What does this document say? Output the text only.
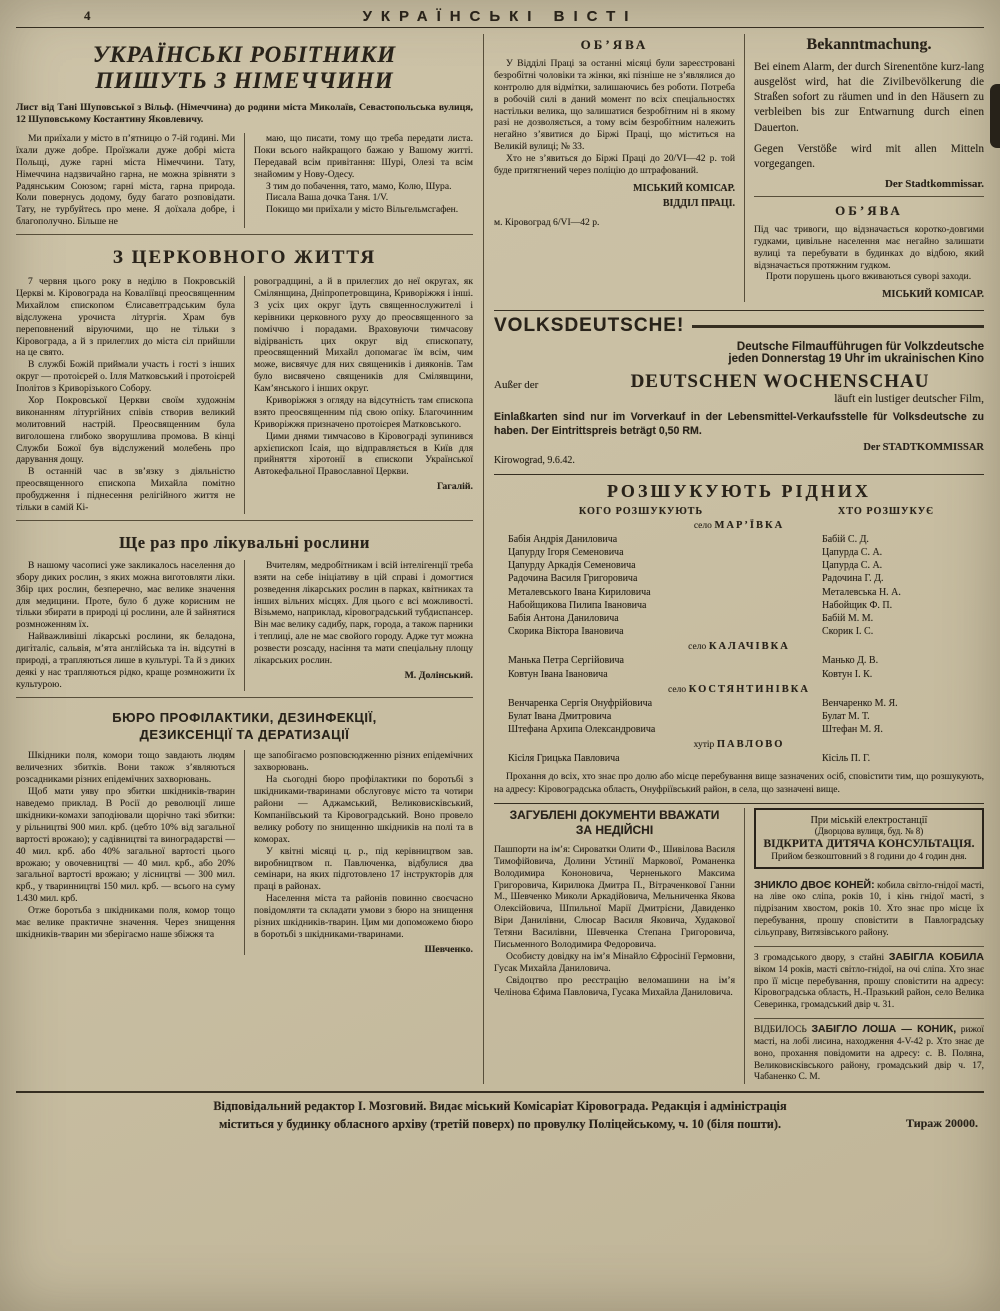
4	УКРАЇНСЬКІ ВІСТІ
УКРАЇНСЬКІ РОБІТНИКИ
ПИШУТЬ З НІМЕЧЧИНИ

Лист від Тані Шуповської з Вільф. (Німеччина) до родини міста Миколаїв, Севастопольська вулиця, 12 Шуповському Костантину Яковлевичу.

Ми приїхали у місто в п’ятницю о 7-ій годині. Ми їхали дуже добре. Проїзжали дуже добрі міста Польщі, дуже гарні міста Німеччини. Тату, Німеччина надзвичайно гарна, не можна зрівняти з Радянським Союзом; гарні міста, гарна природа. Коли повернусь додому, буду багато розповідати. Тату, не турбуйтесь про мене. Я доїхала добре, і благополучно. Більше не

маю, що писати, тому що треба передати листа. Поки всього найкращого бажаю у Вашому житті. Передавай всім привітання: Шурі, Олезі та всім знайомим у Нову-Одесу.

З тим до побачення, тато, мамо, Колю, Шура.

Писала Ваша дочка Таня. 1/V.

Покищо ми приїхали у місто Вільгельмсгафен.

З ЦЕРКОВНОГО ЖИТТЯ

7 червня цього року в неділю в Покровській Церкві м. Кіровограда на Коваліївці преосвященним Михайлом єпископом Єлисаветградським була відслужена урочиста літургія. Храм був переповнений віруючими, що не тільки з Кіровограда, а й з прилеглих до міста сіл прийшли на це свято.

В службі Божій приймали участь і гості з інших округ — протоієрей о. Ілля Матковський і протоієрей Іполітов з Криворізького Собору.

Хор Покровської Церкви своїм художнім виконанням літургійних співів створив великий молитовний настрій. Преосвященним була виголошена глибоко зворушлива промова. В кінці Служби Божої був відслужений молебень про дарування дощу.

В останній час в зв’язку з діяльністю преосвященного єпископа Михайла помітно пробудження і піднесення релігійного життя не тільки в самій Кі-

ровоградщині, а й в прилеглих до неї округах, як Смілянщина, Дніпропетровщина, Криворіжжя і інші. З усіх цих округ їдуть священнослужителі і керівники церковного руху до преосвященного за поміччю і порадами. Враховуючи тимчасову відірваність цих округ від єпископату, преосвященний Михайл допомагає їм всім, чим може, висвячує для них священиків і дияконів. Там було висвячено священиків для Смілявщини, Кам’янського і інших округ.

Криворіжжя з огляду на відсутність там єпископа взято преосвященним під свою опіку. Благочинним Криворіжжя призначено протоієрея Матковського.

Цими днями тимчасово в Кіровограді зупинився архієпископ Ісаія, що відправляється в Київ для прийняття хіротонії в єпископи Української Автокефальної Православної Церкви.

Гагалій.
Ще раз про лікувальні рослини

В нашому часописі уже закликалось населення до збору диких рослин, з яких можна виготовляти ліки. Збір цих рослин, безперечно, має велике значення для медицини. Проте, було б дуже корисним не тільки збирати в природі ці рослини, але й зайнятися розмноженням їх.

Найважливіші лікарські рослини, як беладона, дигіталіс, сальвія, м’ята англійська та ін. відсутні в природі, а трапляються лише в культурі. Та й з диких деякі у нас трапляються рідко, краще розмножити їх культурою.

Вчителям, медробітникам і всій інтелігенції треба взяти на себе ініціативу в цій справі і домогтися розведення лікарських рослин в парках, квітниках та інших вільних місцях. Для цього є всі можливості. Візьмемо, наприклад, кіровоградський тубдиспансер. Він має велику садибу, парк, города, а також парники і теплиці, але не має свойого городу. Адже тут можна розвести розсаду, насіння та мати спеціальну площу лікарських рослин.

М. Долінський.
БЮРО ПРОФІЛАКТИКИ, ДЕЗИНФЕКЦІЇ,
ДЕЗИКСЕНЦІЇ ТА ДЕРАТИЗАЦІЇ

Шкідники поля, комори тощо завдають людям величезних збитків. Вони також з’являються розсадниками різних епідемічних захворювань.

Щоб мати уяву про збитки шкідників-тварин наведемо приклад. В Росії до революції лише шкідники-комахи заподіювали щорічно такі збитки: у рільництві 900 мил. крб. (цебто 10% від загальної вартості врожаю); у садівництві та виноградарстві — 40 мил. крб. або 40% загальної вартості цього врожаю; у овочевництві — 40 мил. крб., або 20% загальної вартості врожаю; у лісництві — 300 мил. крб., у тваринництві 150 мил. крб. — всього на суму 1.430 мил. крб.

Отже боротьба з шкідниками поля, комор тощо має велике практичне значення. Через знищення шкідників-тварин ми зберігаємо наше збіжжя та

ще запобігаємо розповсюдженню різних епідемічних захворювань.

На сьогодні бюро профілактики по боротьбі з шкідниками-тваринами обслуговує місто та чотири райони — Аджамський, Великовисківський, Компаніївський та Кіровоградський. Воно провело велику роботу по знищенню шкідників на полі та в коморах.

У квітні місяці ц. р., під керівництвом зав. виробництвом п. Павлюченка, відбулися два семінари, на яких підготовлено 17 інструкторів для праці в районах.

Населення міста та районів повинно своєчасно повідомляти та складати умови з бюро на знищення різних шкідників-тварин. Цим ми допоможемо бюро в боротьбі з шкідниками-тваринами.

Шевченко.
ОБ’ЯВА

У Відділі Праці за останні місяці були зареєстровані безробітні чоловіки та жінки, які пізніше не з’являлися до контролю для відмітки, залишаючись без роботи. Потреба в робочій силі в даний момент по всіх спеціальностях настільки велика, що залишатися безробітним ні в якому разі не дозволяється, а тому всім безробітним належить негайно з’явитися до Біржі Праці, що міститься на Великій вулиці; № 33.

Хто не з’явиться до Біржі Праці до 20/VI—42 р. той буде притягнений через поліцію до штрафований.

МІСЬКИЙ КОМІСАР.
ВІДДІЛ ПРАЦІ.
м. Кіровоград 6/VI—42 р.
Bekanntmachung.

Bei einem Alarm, der durch Sirenentöne kurz-lang ausgelöst wird, hat die Zivilbevölkerung die Straßen sofort zu räumen und in den Häusern zu verbleiben bis zur Entwarnung durch einen Dauerton.

Gegen Verstöße wird mit allen Mitteln vorgegangen.

Der Stadtkommissar.
ОБ’ЯВА

Під час тривоги, що відзначається коротко-довгими гудками, цивільне населення має негайно залишати вулиці та перебувати в будинках до відбою, який відзначається протяжним гудком.

Проти порушень цього вживаються суворі заходи.

МІСЬКИЙ КОМІСАР.
VOLKSDEUTSCHE!
Deutsche Filmaufführugen für Volkzdeutsche
jeden Donnerstag 19 Uhr im ukrainischen Kino
Außer der	DEUTSCHEN WOCHENSCHAU
läuft ein lustiger deutscher Film,

Einlaßkarten sind nur im Vorverkauf in der Lebensmittel-Verkaufsstelle für Volksdeutsche zu haben. Der Eintrittspreis beträgt 0,50 RM.

Der STADTKOMMISSAR
Kirowograd, 9.6.42.
РОЗШУКУЮТЬ РІДНИХ
КОГО РОЗШУКУЮТЬ	ХТО РОЗШУКУЄ
село МАР’ЇВКА
Бабія Андрія Даниловича	Бабій С. Д.
Цапурду Ігоря Семеновича	Цапурда С. А.
Цапурду Аркадія Семеновича	Цапурда С. А.
Радочина Василя Григоровича	Радочина Г. Д.
Металевського Івана Кириловича	Металевська Н. А.
Набойщикова Пилипа Івановича	Набойщик Ф. П.
Бабія Антона Даниловича	Бабій М. М.
Скорика Віктора Івановича	Скорик І. С.
село КАЛАЧІВКА
Манька Петра Сергійовича	Манько Д. В.
Ковтун Івана Івановича	Ковтун І. К.
село КОСТЯНТИНІВКА
Венчаренка Сергія Онуфрійовича	Венчаренко М. Я.
Булат Івана Дмитровича	Булат М. Т.
Штефана Архипа Олександровича	Штефан М. Я.
хутір ПАВЛОВО
Кісіля Грицька Павловича	Кісіль П. Г.

Прохання до всіх, хто знає про долю або місце перебування вище зазначених осіб, сповістити тим, що розшукують, на адресу: Кіровоградська область, Онуфріївський район, в села, що зазначені вище.

ЗАГУБЛЕНІ ДОКУМЕНТИ ВВАЖАТИ
ЗА НЕДІЙСНІ

Пашпорти на ім’я: Сироватки Олити Ф., Шивілова Василя Тимофійовича, Долини Устинії Маркової, Романенка Володимира Кононовича, Черненького Максима Григоровича, Кирилюка Дмитра П., Вітраченкової Ганни М., Шевченко Миколи Аркадійовича, Мельниченка Якова Олексійовича, Шпильної Марії Дмитрієни, Давиденко Віри Данилівни, Слюсар Василя Яковича, Худакової Тетяни Василівни, Шевченка Степана Григоровича, Письменного Володимира Федоровича.

Особисту довідку на ім’я Мінайло Єфросінії Гермовни, Гусак Михайла Даниловича.

Свідоцтво про реєстрацію веломашини на ім’я Челінова Єфима Павловича, Гусака Михайла Даниловича.

При міській електростанції
(Дворцова вулиця, буд. № 8)
ВІДКРИТА ДИТЯЧА КОНСУЛЬТАЦІЯ.
Прийом безкоштовний з 8 години до 4 годин дня.

ЗНИКЛО ДВОЄ КОНЕЙ: кобила світло-гнідої масті, на ліве око сліпа, років 10, і кінь гнідої масті, з підрізаним хвостом, років 10. Хто знає про місце їх перебування, прошу сповістити в Павлоградську сільуправу, Витязівського району.

З громадського двору, з стайні ЗАБІГЛА КОБИЛА віком 14 років, масті світло-гнідої, на очі сліпа. Хто знає про її місце перебування, прошу сповістити на адресу: Кіровоградська область, Н.-Празький район, село Велика Северинка, громадський двір ч. 31.

ВІДБИЛОСЬ ЗАБІГЛО ЛОША — КОНИК, рижої масті, на лобі лисина, находження 4-V-42 р. Хто знає де воно, прохання повідомити на адресу: с. В. Поляна, Великовисківського району, громадський двір ч. 17, Чабаненко С. М.

Відповідальний редактор І. Мозговий. Видає міський Комісаріат Кіровограда. Редакція і адміністрація
міститься у будинку обласного архіву (третій поверх) по провулку Поліцейському, ч. 10 (біля пошти).	Тираж 20000.
